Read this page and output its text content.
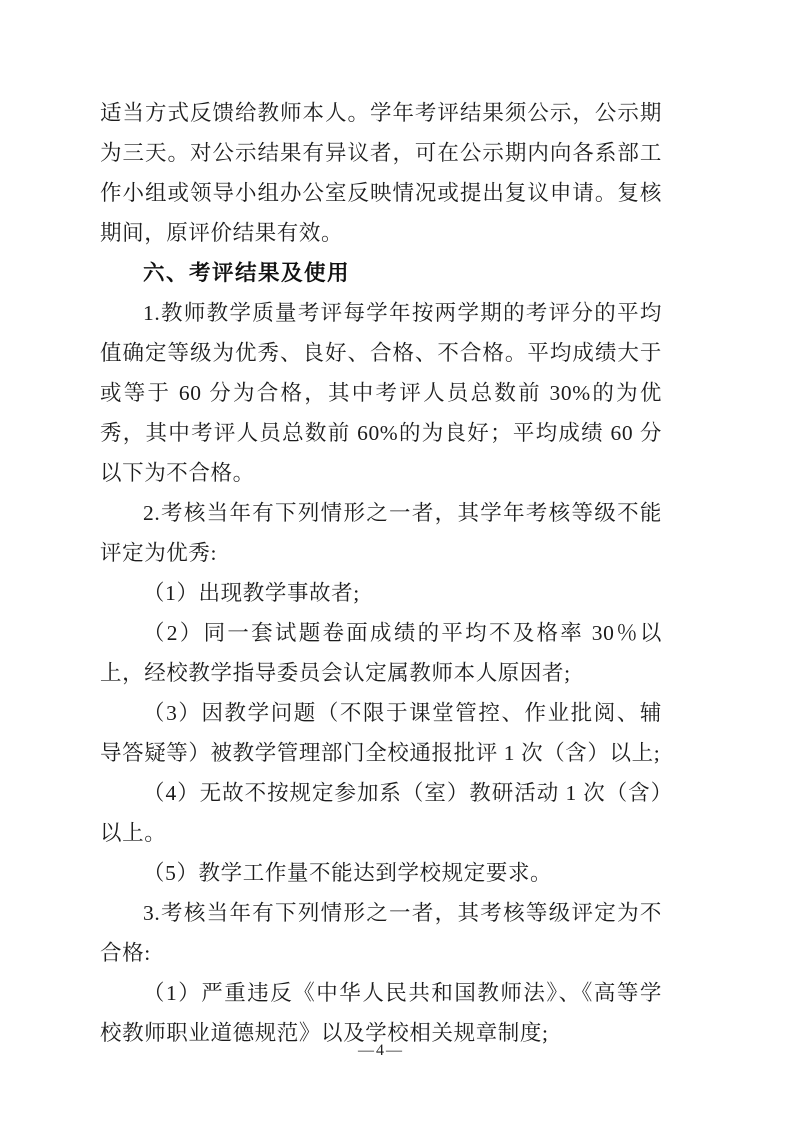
适当方式反馈给教师本人。学年考评结果须公示，公示期为三天。对公示结果有异议者，可在公示期内向各系部工作小组或领导小组办公室反映情况或提出复议申请。复核期间，原评价结果有效。

六、考评结果及使用

1.教师教学质量考评每学年按两学期的考评分的平均值确定等级为优秀、良好、合格、不合格。平均成绩大于或等于 60 分为合格，其中考评人员总数前 30%的为优秀，其中考评人员总数前 60%的为良好；平均成绩 60 分以下为不合格。

2.考核当年有下列情形之一者，其学年考核等级不能评定为优秀:

（1）出现教学事故者;

（2）同一套试题卷面成绩的平均不及格率 30％以上，经校教学指导委员会认定属教师本人原因者;

（3）因教学问题（不限于课堂管控、作业批阅、辅导答疑等）被教学管理部门全校通报批评 1 次（含）以上;

（4）无故不按规定参加系（室）教研活动 1 次（含）以上。

（5）教学工作量不能达到学校规定要求。

3.考核当年有下列情形之一者，其考核等级评定为不合格:

（1）严重违反《中华人民共和国教师法》、《高等学校教师职业道德规范》以及学校相关规章制度;

—4—
